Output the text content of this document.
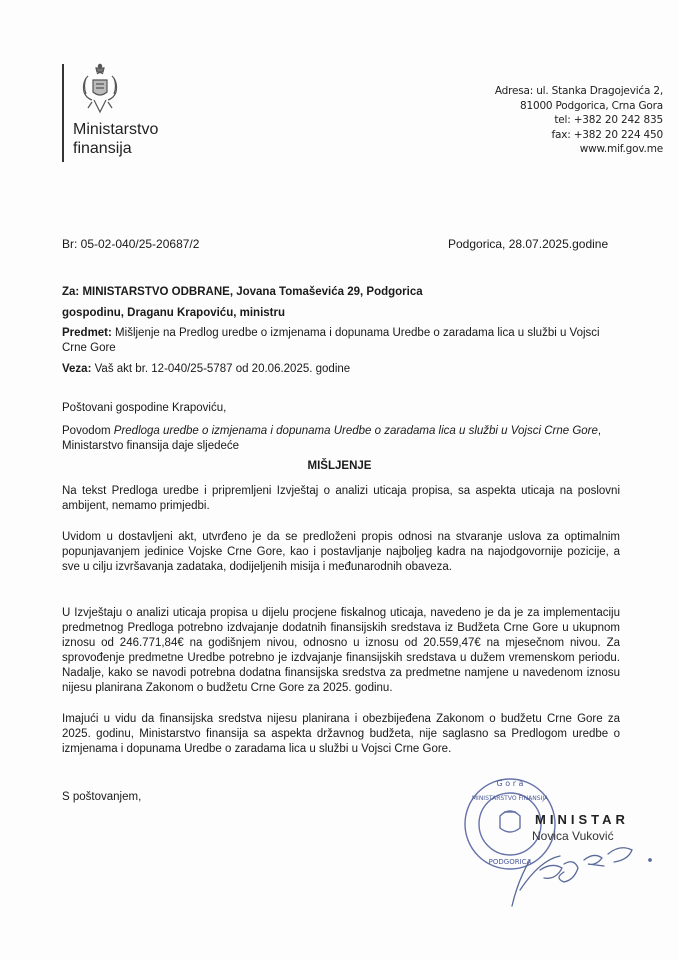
Ministarstvo
finansija
Adresa: ul. Stanka Dragojevića 2,
81000 Podgorica, Crna Gora
tel: +382 20 242 835
fax: +382 20 224 450
www.mif.gov.me
Br: 05-02-040/25-20687/2	Podgorica, 28.07.2025.godine
Za: MINISTARSTVO ODBRANE, Jovana Tomaševića 29, Podgorica
gospodinu, Draganu Krapoviću, ministru
Predmet: Mišljenje na Predlog uredbe o izmjenama i dopunama Uredbe o zaradama lica u službi u Vojsci Crne Gore
Veza: Vaš akt br. 12-040/25-5787 od 20.06.2025. godine
Poštovani gospodine Krapoviću,
Povodom Predloga uredbe o izmjenama i dopunama Uredbe o zaradama lica u službi u Vojsci Crne Gore, Ministarstvo finansija daje sljedeće
MIŠLJENJE
Na tekst Predloga uredbe i pripremljeni Izvještaj o analizi uticaja propisa, sa aspekta uticaja na poslovni ambijent, nemamo primjedbi.
Uvidom u dostavljeni akt, utvrđeno je da se predloženi propis odnosi na stvaranje uslova za optimalnim popunjavanjem jedinice Vojske Crne Gore, kao i postavljanje najboljeg kadra na najodgovornije pozicije, a sve u cilju izvršavanja zadataka, dodijeljenih misija i međunarodnih obaveza.
U Izvještaju o analizi uticaja propisa u dijelu procjene fiskalnog uticaja, navedeno je da je za implementaciju predmetnog Predloga potrebno izdvajanje dodatnih finansijskih sredstava iz Budžeta Crne Gore u ukupnom iznosu od 246.771,84€ na godišnjem nivou, odnosno u iznosu od 20.559,47€ na mjesečnom nivou. Za sprovođenje predmetne Uredbe potrebno je izdvajanje finansijskih sredstava u dužem vremenskom periodu. Nadalje, kako se navodi potrebna dodatna finansijska sredstva za predmetne namjene u navedenom iznosu nijesu planirana Zakonom o budžetu Crne Gore za 2025. godinu.
Imajući u vidu da finansijska sredstva nijesu planirana i obezbijeđena Zakonom o budžetu Crne Gore za 2025. godinu, Ministarstvo finansija sa aspekta državnog budžeta, nije saglasno sa Predlogom uredbe o izmjenama i dopunama Uredbe o zaradama lica u službi u Vojsci Crne Gore.
S poštovanjem,
G o r a
PODGORICA
MINISTARSTVO FINANSIJA
MINISTAR
Novica Vuković
